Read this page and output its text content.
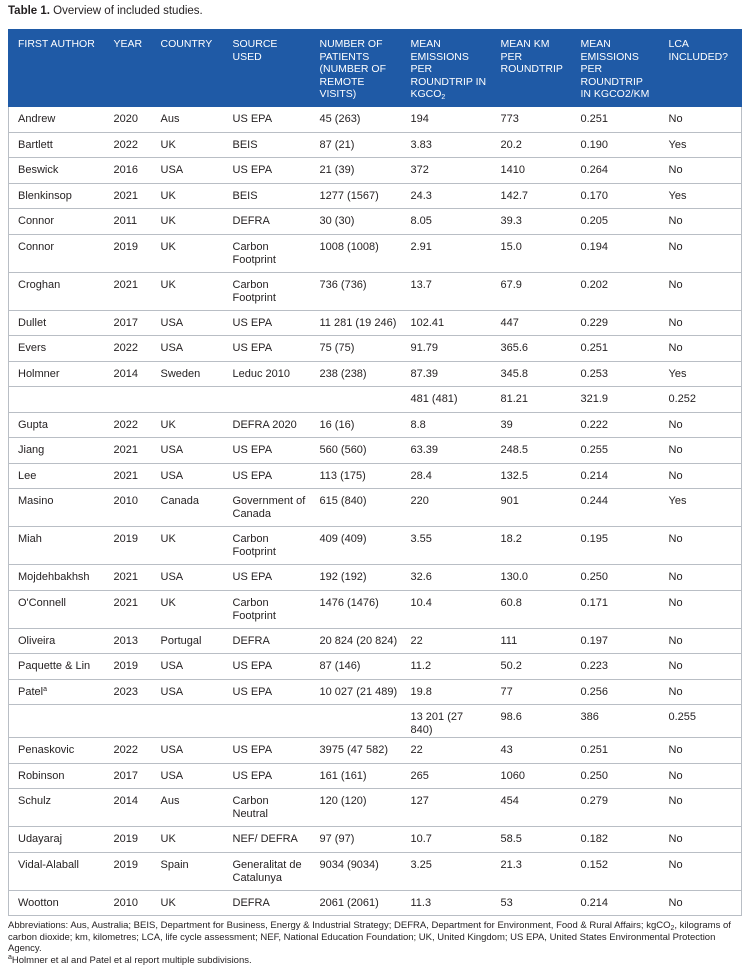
Table 1. Overview of included studies.
FIRST AUTHOR	YEAR	COUNTRY	SOURCE USED	NUMBER OF PATIENTS (NUMBER OF REMOTE VISITS)	MEAN EMISSIONS PER ROUNDTRIP IN $KGCO_2$	MEAN KM PER ROUNDTRIP	MEAN EMISSIONS PER ROUNDTRIP IN KGCO2/KM	LCA INCLUDED?
Andrew	2020	Aus	US EPA	45 (263)	194	773	0.251	No
Bartlett	2022	UK	BEIS	87 (21)	3.83	20.2	0.190	Yes
Beswick	2016	USA	US EPA	21 (39)	372	1410	0.264	No
Blenkinsop	2021	UK	BEIS	1277 (1567)	24.3	142.7	0.170	Yes
Connor	2011	UK	DEFRA	30 (30)	8.05	39.3	0.205	No
Connor	2019	UK	Carbon Footprint	1008 (1008)	2.91	15.0	0.194	No
Croghan	2021	UK	Carbon Footprint	736 (736)	13.7	67.9	0.202	No
Dullet	2017	USA	US EPA	11 281 (19 246)	102.41	447	0.229	No
Evers	2022	USA	US EPA	75 (75)	91.79	365.6	0.251	No
Holmner	2014	Sweden	Leduc 2010	238 (238)	87.39	345.8	0.253	Yes
					481 (481)	81.21	321.9	0.252
Gupta	2022	UK	DEFRA 2020	16 (16)	8.8	39	0.222	No
Jiang	2021	USA	US EPA	560 (560)	63.39	248.5	0.255	No
Lee	2021	USA	US EPA	113 (175)	28.4	132.5	0.214	No
Masino	2010	Canada	Government of Canada	615 (840)	220	901	0.244	Yes
Miah	2019	UK	Carbon Footprint	409 (409)	3.55	18.2	0.195	No
Mojdehbakhsh	2021	USA	US EPA	192 (192)	32.6	130.0	0.250	No
O'Connell	2021	UK	Carbon Footprint	1476 (1476)	10.4	60.8	0.171	No
Oliveira	2013	Portugal	DEFRA	20 824 (20 824)	22	111	0.197	No
Paquette & Lin	2019	USA	US EPA	87 (146)	11.2	50.2	0.223	No
Patel$^a$	2023	USA	US EPA	10 027 (21 489)	19.8	77	0.256	No
					13 201 (27 840)	98.6	386	0.255
Penaskovic	2022	USA	US EPA	3975 (47 582)	22	43	0.251	No
Robinson	2017	USA	US EPA	161 (161)	265	1060	0.250	No
Schulz	2014	Aus	Carbon Neutral	120 (120)	127	454	0.279	No
Udayaraj	2019	UK	NEF/ DEFRA	97 (97)	10.7	58.5	0.182	No
Vidal-Alaball	2019	Spain	Generalitat de Catalunya	9034 (9034)	3.25	21.3	0.152	No
Wootton	2010	UK	DEFRA	2061 (2061)	11.3	53	0.214	No
Abbreviations: Aus, Australia; BEIS, Department for Business, Energy & Industrial Strategy; DEFRA, Department for Environment, Food & Rural Affairs; kgCO$_2$, kilograms of carbon dioxide; km, kilometres; LCA, life cycle assessment; NEF, National Education Foundation; UK, United Kingdom; US EPA, United States Environmental Protection Agency.
$^a$Holmner et al and Patel et al report multiple subdivisions.
